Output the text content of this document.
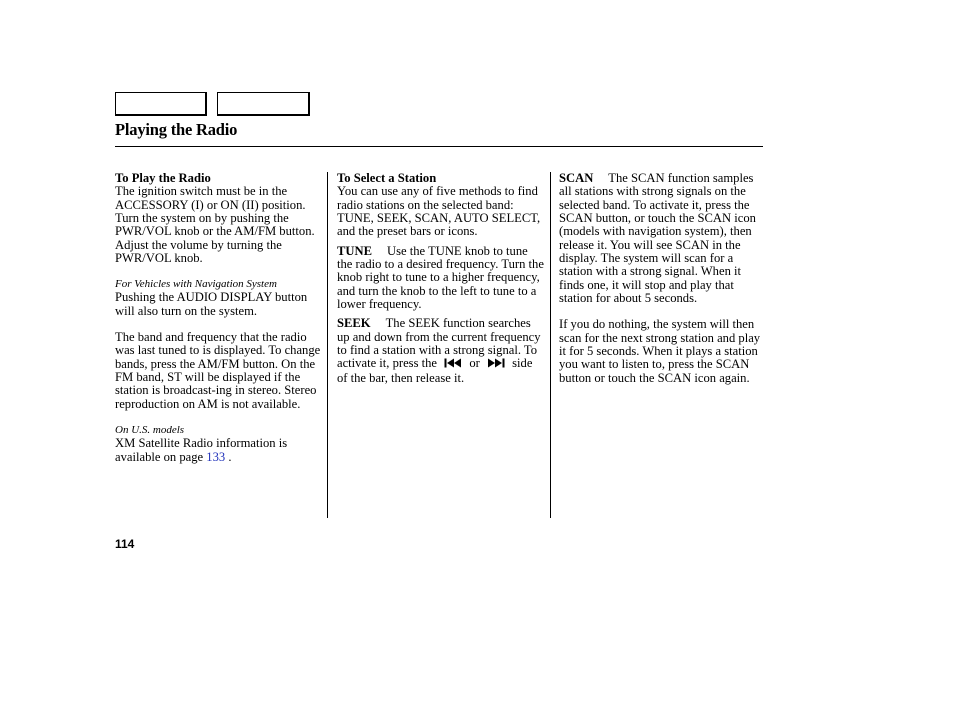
Playing the Radio

To Play the Radio

The ignition switch must be in the ACCESSORY (I) or ON (II) position. Turn the system on by pushing the PWR/VOL knob or the AM/FM button. Adjust the volume by turning the PWR/VOL knob.

For Vehicles with Navigation System

Pushing the AUDIO DISPLAY button will also turn on the system.

The band and frequency that the radio was last tuned to is displayed. To change bands, press the AM/FM button. On the FM band, ST will be displayed if the station is broadcast-ing in stereo. Stereo reproduction on AM is not available.

On U.S. models

XM Satellite Radio information is available on page 133 .

To Select a Station

You can use any of five methods to find radio stations on the selected band: TUNE, SEEK, SCAN, AUTO SELECT, and the preset bars or icons.

TUNE Use the TUNE knob to tune the radio to a desired frequency. Turn the knob right to tune to a higher frequency, and turn the knob to the left to tune to a lower frequency.

SEEK The SEEK function searches up and down from the current frequency to find a station with a strong signal. To activate it, press the	or	side of the bar, then release it.

SCAN The SCAN function samples all stations with strong signals on the selected band. To activate it, press the SCAN button, or touch the SCAN icon (models with navigation system), then release it. You will see SCAN in the display. The system will scan for a station with a strong signal. When it finds one, it will stop and play that station for about 5 seconds.

If you do nothing, the system will then scan for the next strong station and play it for 5 seconds. When it plays a station you want to listen to, press the SCAN button or touch the SCAN icon again.

114
